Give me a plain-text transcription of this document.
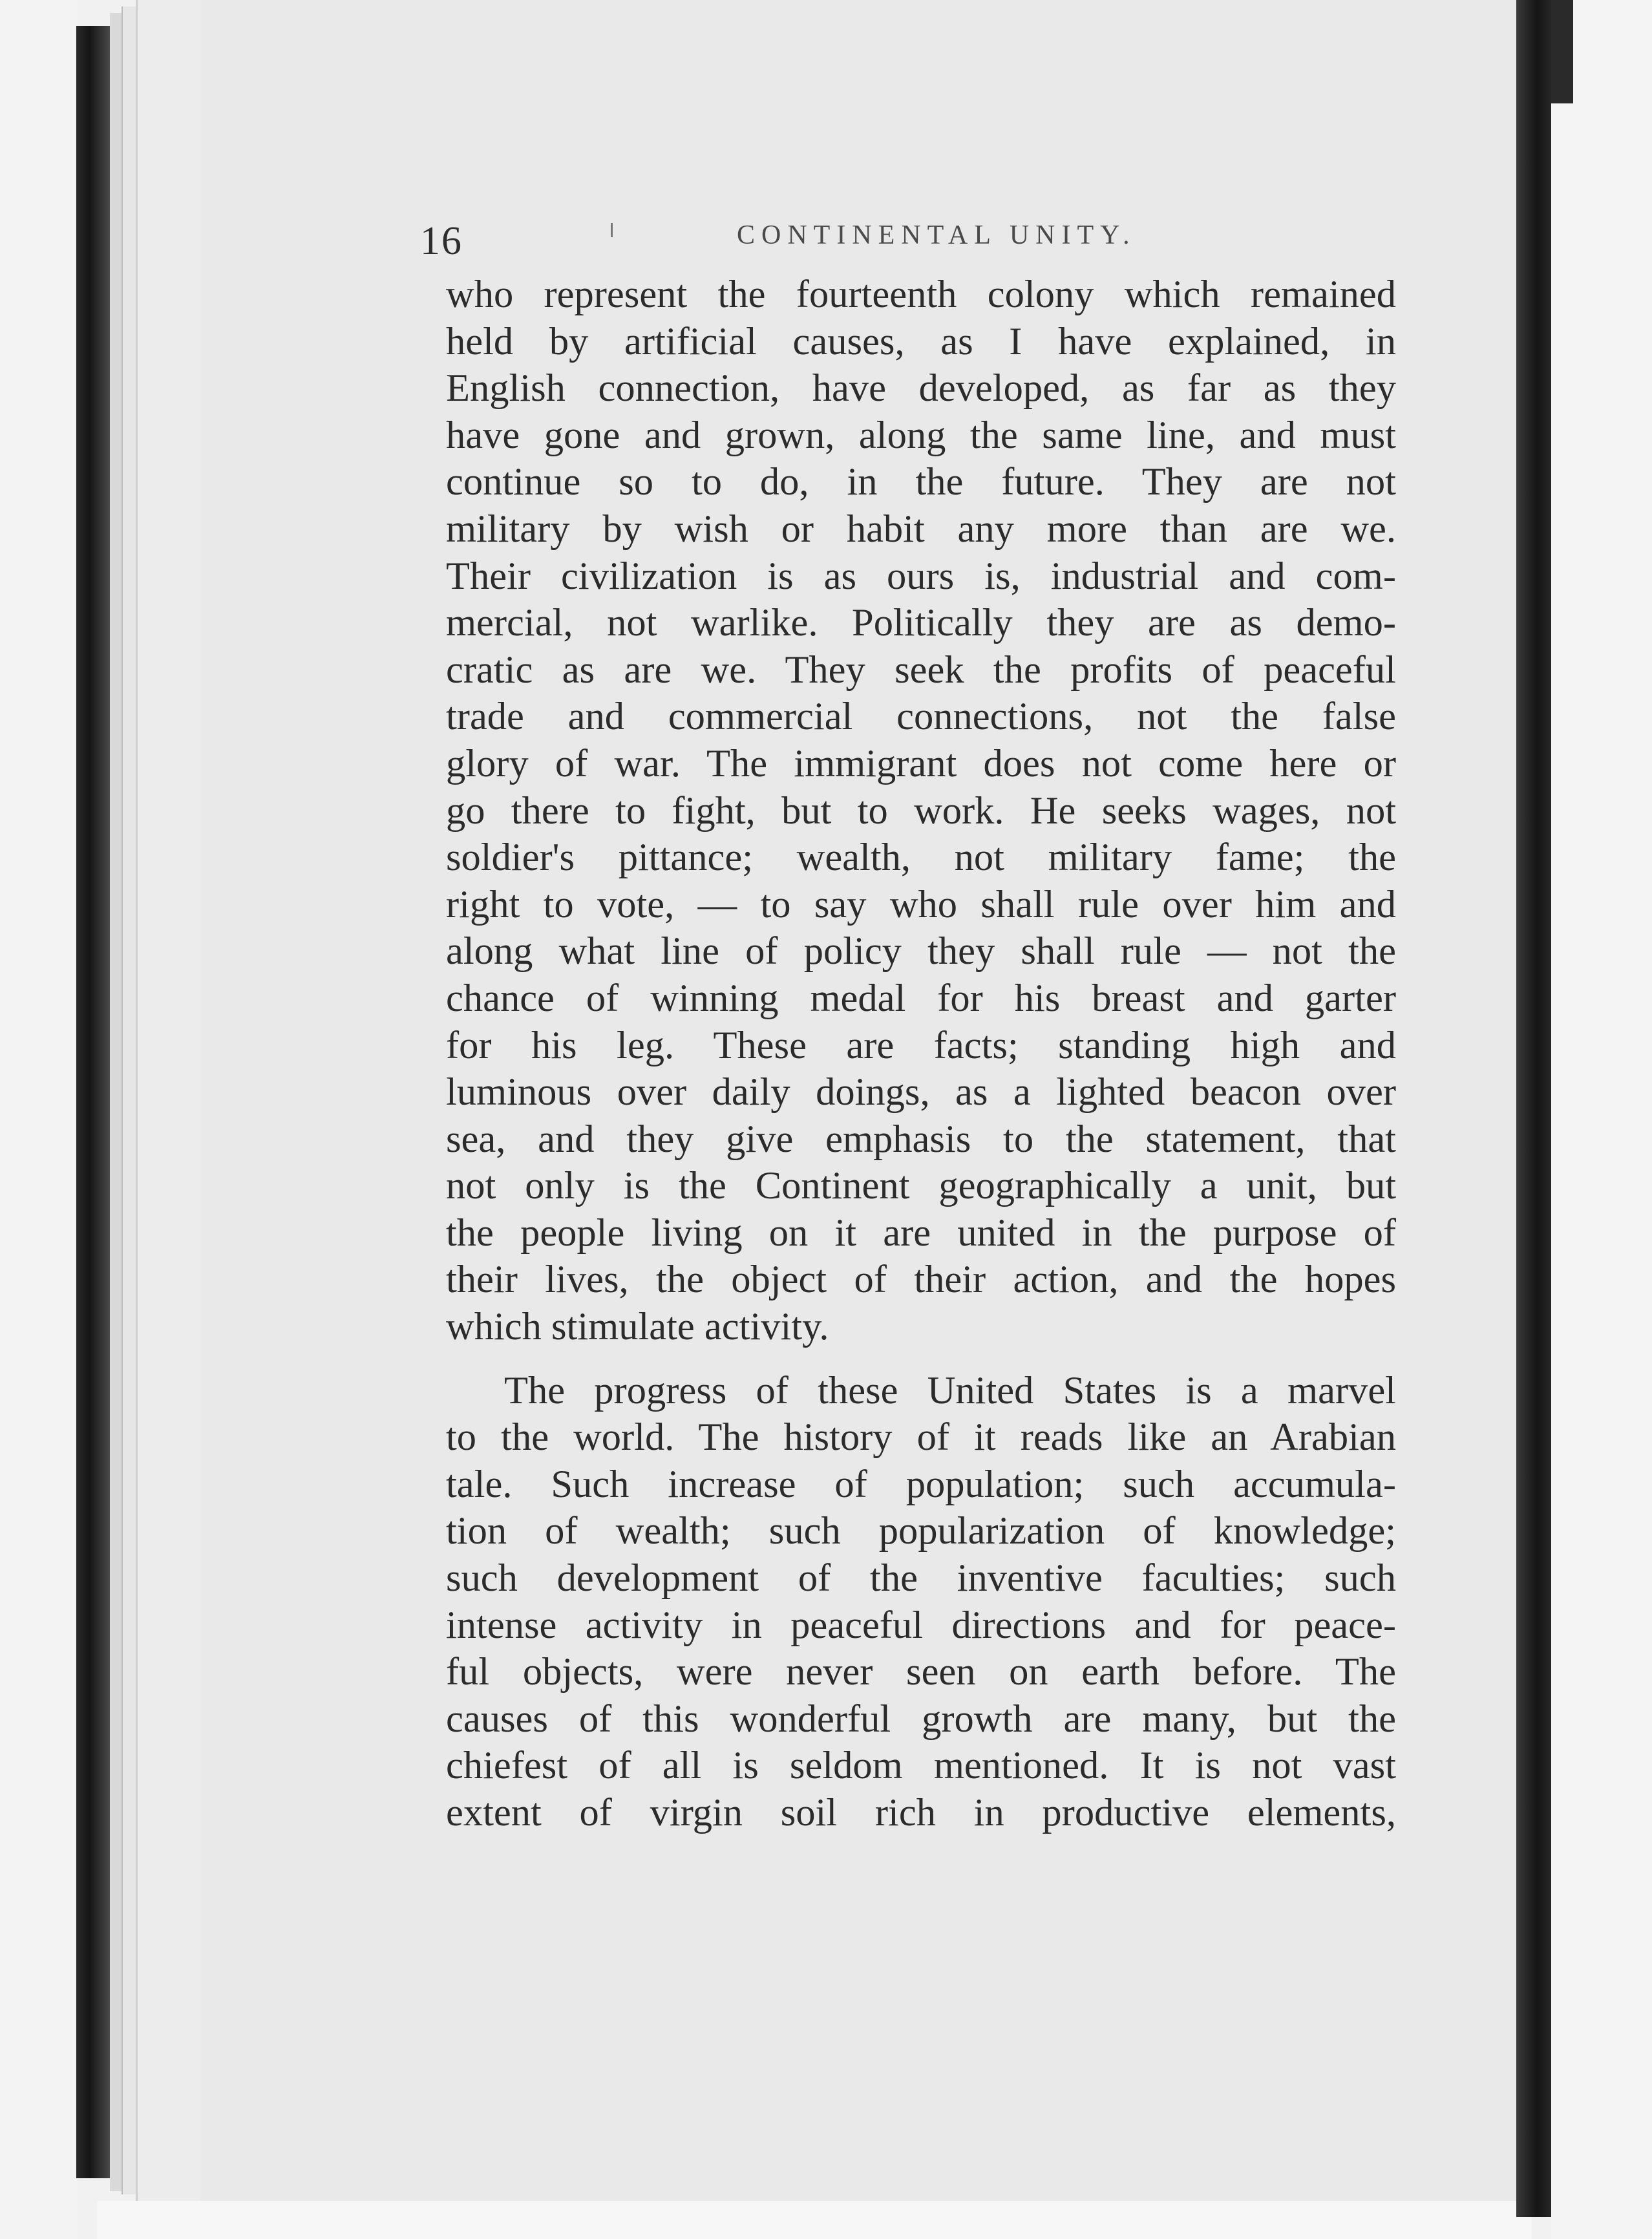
16	CONTINENTAL UNITY.
who represent the fourteenth colony which remained
held by artificial causes, as I have explained, in
English connection, have developed, as far as they
have gone and grown, along the same line, and must
continue so to do, in the future. They are not
military by wish or habit any more than are we.
Their civilization is as ours is, industrial and com-
mercial, not warlike. Politically they are as demo-
cratic as are we. They seek the profits of peaceful
trade and commercial connections, not the false
glory of war. The immigrant does not come here or
go there to fight, but to work. He seeks wages, not
soldier's pittance; wealth, not military fame; the
right to vote, — to say who shall rule over him and
along what line of policy they shall rule — not the
chance of winning medal for his breast and garter
for his leg. These are facts; standing high and
luminous over daily doings, as a lighted beacon over
sea, and they give emphasis to the statement, that
not only is the Continent geographically a unit, but
the people living on it are united in the purpose of
their lives, the object of their action, and the hopes
which stimulate activity.
The progress of these United States is a marvel
to the world. The history of it reads like an Arabian
tale. Such increase of population; such accumula-
tion of wealth; such popularization of knowledge;
such development of the inventive faculties; such
intense activity in peaceful directions and for peace-
ful objects, were never seen on earth before. The
causes of this wonderful growth are many, but the
chiefest of all is seldom mentioned. It is not vast
extent of virgin soil rich in productive elements,
